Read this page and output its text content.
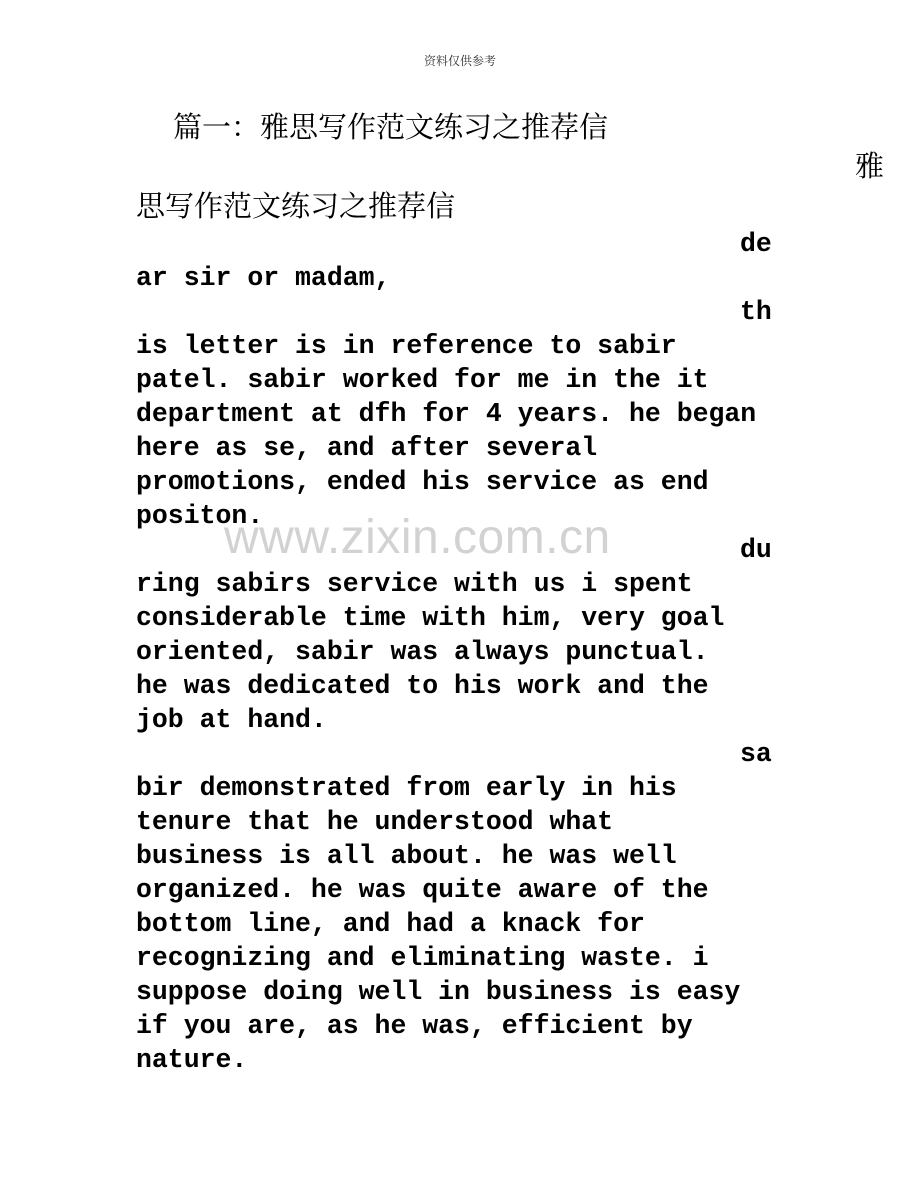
资料仅供参考
篇一：雅思写作范文练习之推荐信
雅
思写作范文练习之推荐信
de
ar sir or madam,
th
is letter is in reference to sabir
patel. sabir worked for me in the it
department at dfh for 4 years. he began
here as se, and after several
promotions, ended his service as end
positon.
du
ring sabirs service with us i spent
considerable time with him, very goal
oriented, sabir was always punctual.
he was dedicated to his work and the
job at hand.
sa
bir demonstrated from early in his
tenure that he understood what
business is all about. he was well
organized. he was quite aware of the
bottom line, and had a knack for
recognizing and eliminating waste. i
suppose doing well in business is easy
if you are, as he was, efficient by
nature.
www.zixin.com.cn
